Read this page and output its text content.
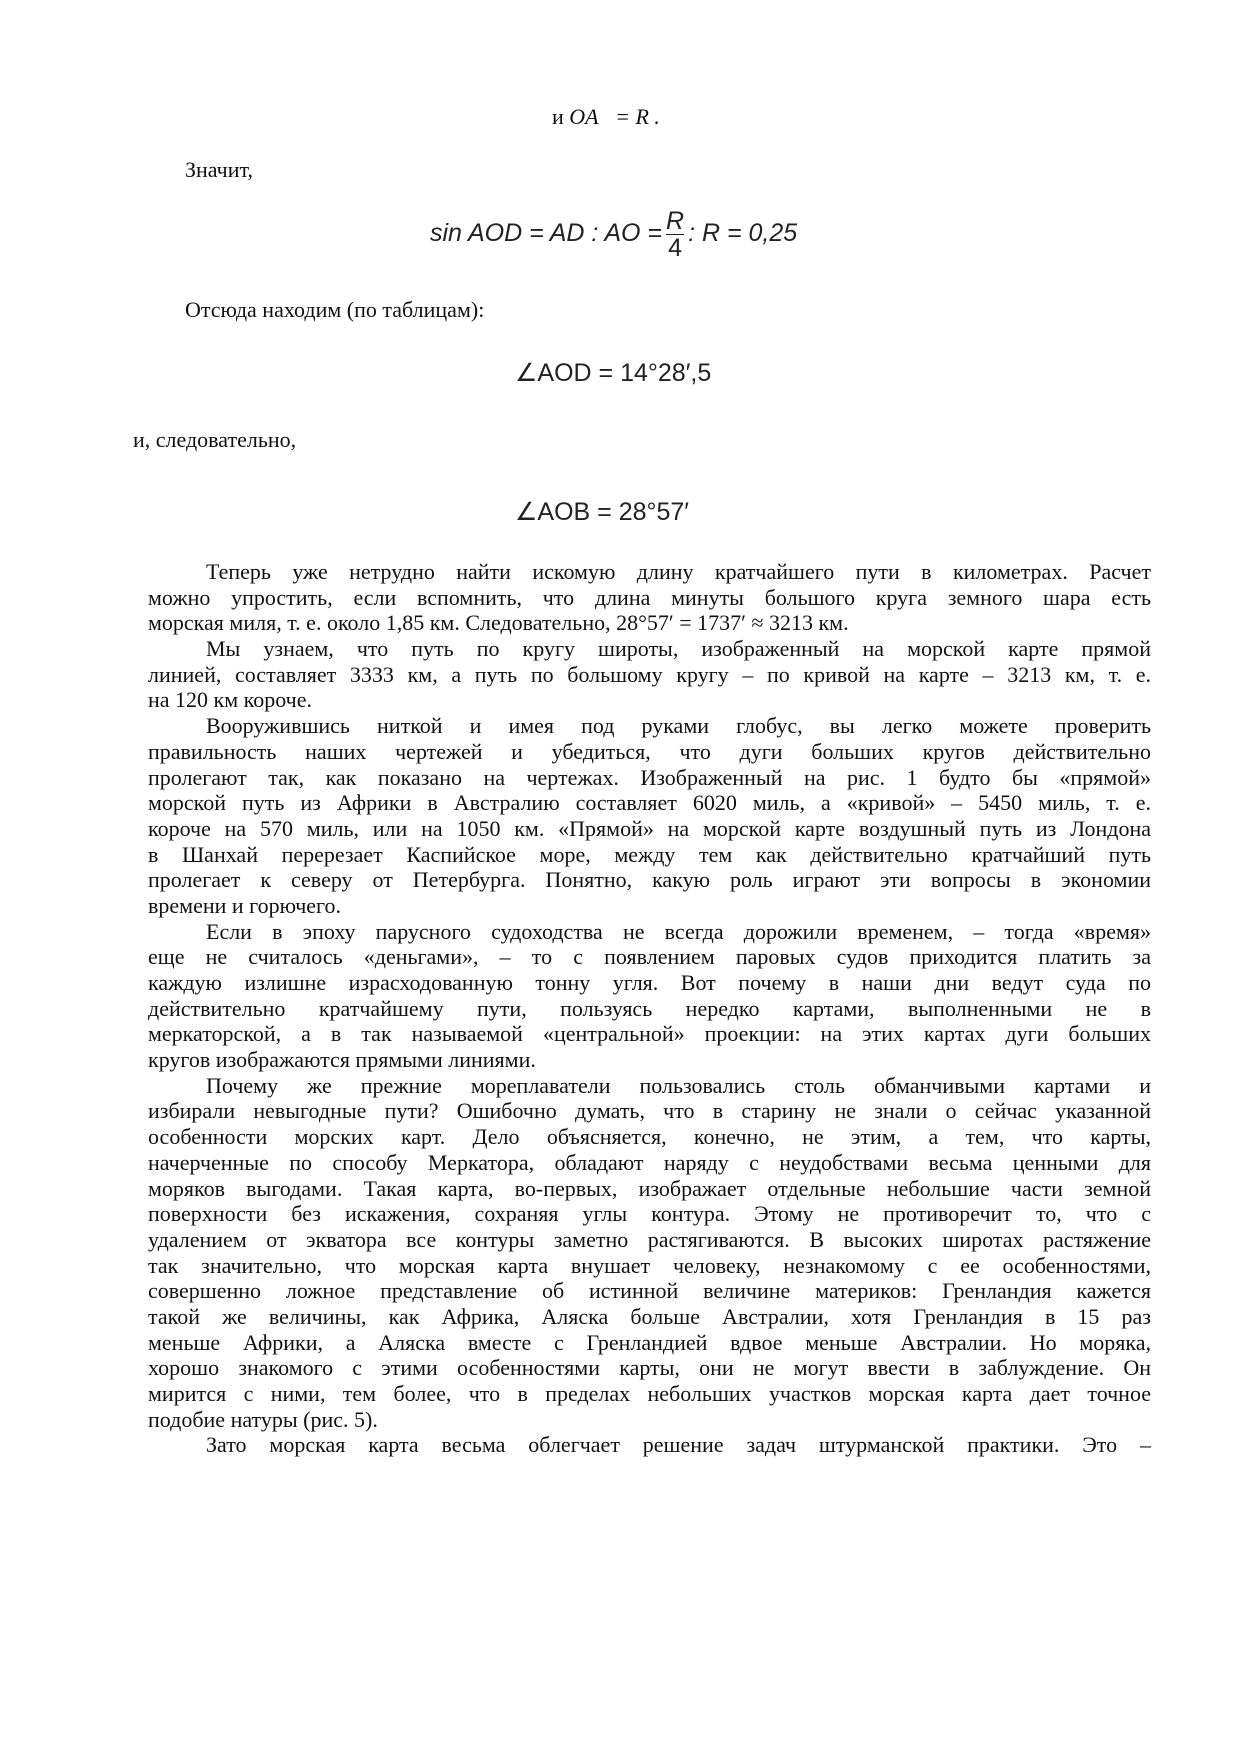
и OA = R .
Значит,
sin AOD = AD : AO = $\frac{R}{4}$ : R = 0,25
Отсюда находим (по таблицам):
∠AOD = 14°28′,5
и, следовательно,
∠AOB = 28°57′
Теперь уже нетрудно найти искомую длину кратчайшего пути в километрах. Расчет
можно упростить, если вспомнить, что длина минуты большого круга земного шара есть
морская миля, т. е. около 1,85 км. Следовательно, 28°57′ = 1737′ ≈ 3213 км.
Мы узнаем, что путь по кругу широты, изображенный на морской карте прямой
линией, составляет 3333 км, а путь по большому кругу – по кривой на карте – 3213 км, т. е.
на 120 км короче.
Вооружившись ниткой и имея под руками глобус, вы легко можете проверить
правильность наших чертежей и убедиться, что дуги больших кругов действительно
пролегают так, как показано на чертежах. Изображенный на рис. 1 будто бы «прямой»
морской путь из Африки в Австралию составляет 6020 миль, а «кривой» – 5450 миль, т. е.
короче на 570 миль, или на 1050 км. «Прямой» на морской карте воздушный путь из Лондона
в Шанхай перерезает Каспийское море, между тем как действительно кратчайший путь
пролегает к северу от Петербурга. Понятно, какую роль играют эти вопросы в экономии
времени и горючего.
Если в эпоху парусного судоходства не всегда дорожили временем, – тогда «время»
еще не считалось «деньгами», – то с появлением паровых судов приходится платить за
каждую излишне израсходованную тонну угля. Вот почему в наши дни ведут суда по
действительно кратчайшему пути, пользуясь нередко картами, выполненными не в
меркаторской, а в так называемой «центральной» проекции: на этих картах дуги больших
кругов изображаются прямыми линиями.
Почему же прежние мореплаватели пользовались столь обманчивыми картами и
избирали невыгодные пути? Ошибочно думать, что в старину не знали о сейчас указанной
особенности морских карт. Дело объясняется, конечно, не этим, а тем, что карты,
начерченные по способу Меркатора, обладают наряду с неудобствами весьма ценными для
моряков выгодами. Такая карта, во-первых, изображает отдельные небольшие части земной
поверхности без искажения, сохраняя углы контура. Этому не противоречит то, что с
удалением от экватора все контуры заметно растягиваются. В высоких широтах растяжение
так значительно, что морская карта внушает человеку, незнакомому с ее особенностями,
совершенно ложное представление об истинной величине материков: Гренландия кажется
такой же величины, как Африка, Аляска больше Австралии, хотя Гренландия в 15 раз
меньше Африки, а Аляска вместе с Гренландией вдвое меньше Австралии. Но моряка,
хорошо знакомого с этими особенностями карты, они не могут ввести в заблуждение. Он
мирится с ними, тем более, что в пределах небольших участков морская карта дает точное
подобие натуры (рис. 5).
Зато морская карта весьма облегчает решение задач штурманской практики. Это –
